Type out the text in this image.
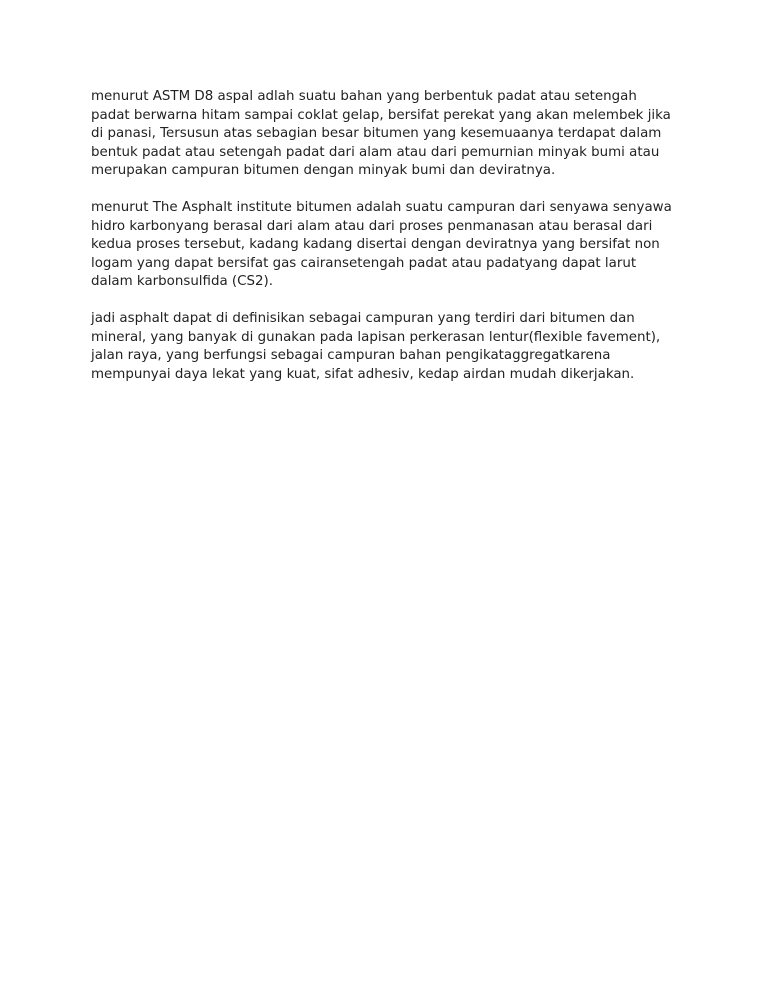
menurut ASTM D8 aspal adlah suatu bahan yang berbentuk padat atau setengah
padat berwarna hitam sampai coklat gelap, bersifat perekat yang akan melembek jika
di panasi, Tersusun atas sebagian besar bitumen yang kesemuaanya terdapat dalam
bentuk padat atau setengah padat dari alam atau dari pemurnian minyak bumi atau
merupakan campuran bitumen dengan minyak bumi dan deviratnya.

menurut The Asphalt institute bitumen adalah suatu campuran dari senyawa senyawa
hidro karbonyang berasal dari alam atau dari proses penmanasan atau berasal dari
kedua proses tersebut, kadang kadang disertai dengan deviratnya yang bersifat non
logam yang dapat bersifat gas cairansetengah padat atau padatyang dapat larut
dalam karbonsulfida (CS2).

jadi asphalt dapat di definisikan sebagai campuran yang terdiri dari bitumen dan
mineral, yang banyak di gunakan pada lapisan perkerasan lentur(flexible favement),
jalan raya, yang berfungsi sebagai campuran bahan pengikataggregatkarena
mempunyai daya lekat yang kuat, sifat adhesiv, kedap airdan mudah dikerjakan.
